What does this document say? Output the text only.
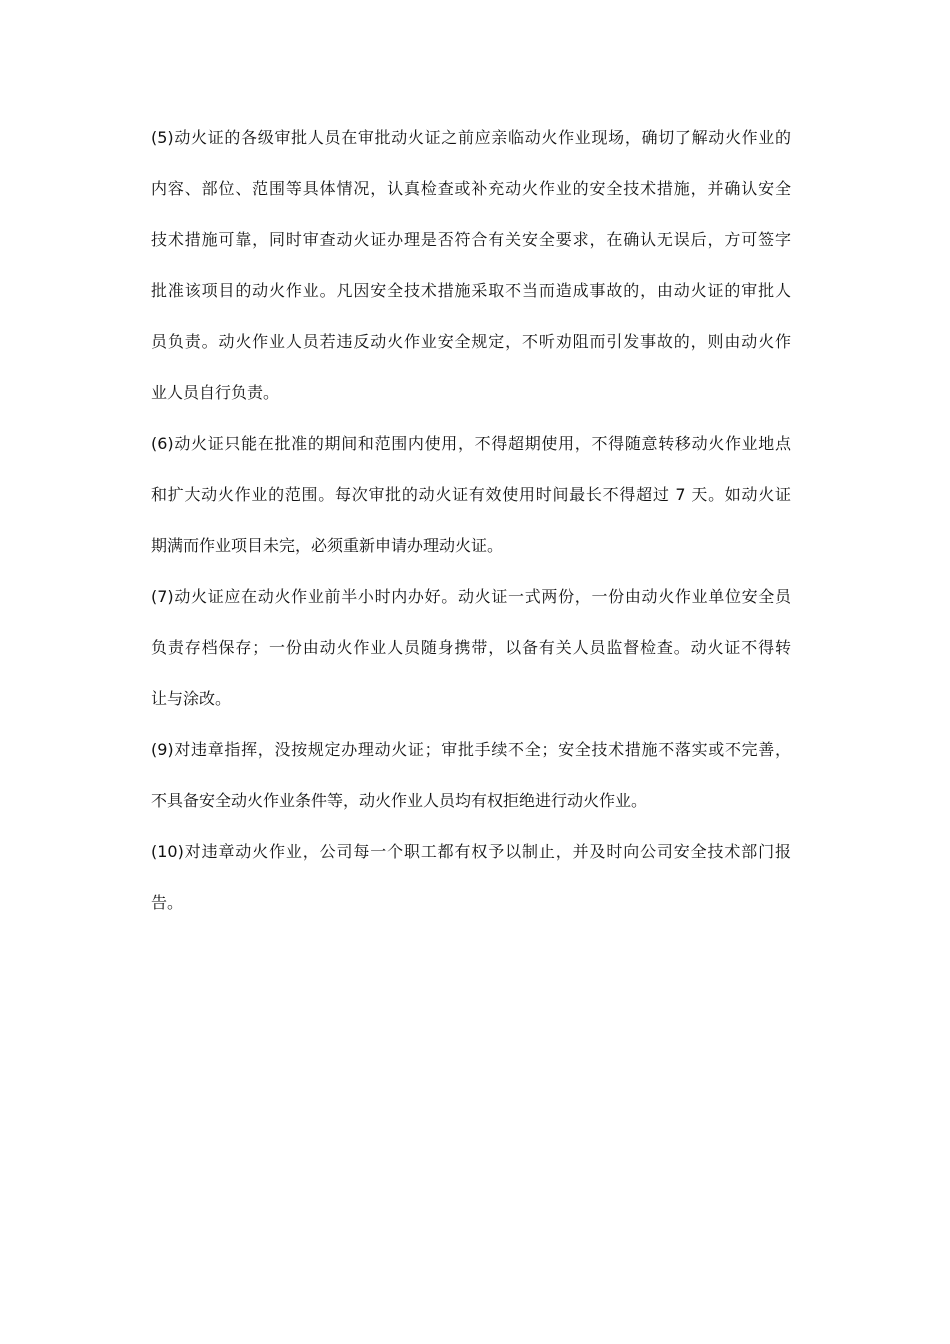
(5)动火证的各级审批人员在审批动火证之前应亲临动火作业现场，确切了解动火作业的
内容、部位、范围等具体情况，认真检查或补充动火作业的安全技术措施，并确认安全
技术措施可靠，同时审查动火证办理是否符合有关安全要求，在确认无误后，方可签字
批准该项目的动火作业。凡因安全技术措施采取不当而造成事故的，由动火证的审批人
员负责。动火作业人员若违反动火作业安全规定，不听劝阻而引发事故的，则由动火作
业人员自行负责。
(6)动火证只能在批准的期间和范围内使用，不得超期使用，不得随意转移动火作业地点
和扩大动火作业的范围。每次审批的动火证有效使用时间最长不得超过 7 天。如动火证
期满而作业项目未完，必须重新申请办理动火证。
(7)动火证应在动火作业前半小时内办好。动火证一式两份，一份由动火作业单位安全员
负责存档保存；一份由动火作业人员随身携带，以备有关人员监督检查。动火证不得转
让与涂改。
(9)对违章指挥，没按规定办理动火证；审批手续不全；安全技术措施不落实或不完善，
不具备安全动火作业条件等，动火作业人员均有权拒绝进行动火作业。
(10)对违章动火作业，公司每一个职工都有权予以制止，并及时向公司安全技术部门报
告。
